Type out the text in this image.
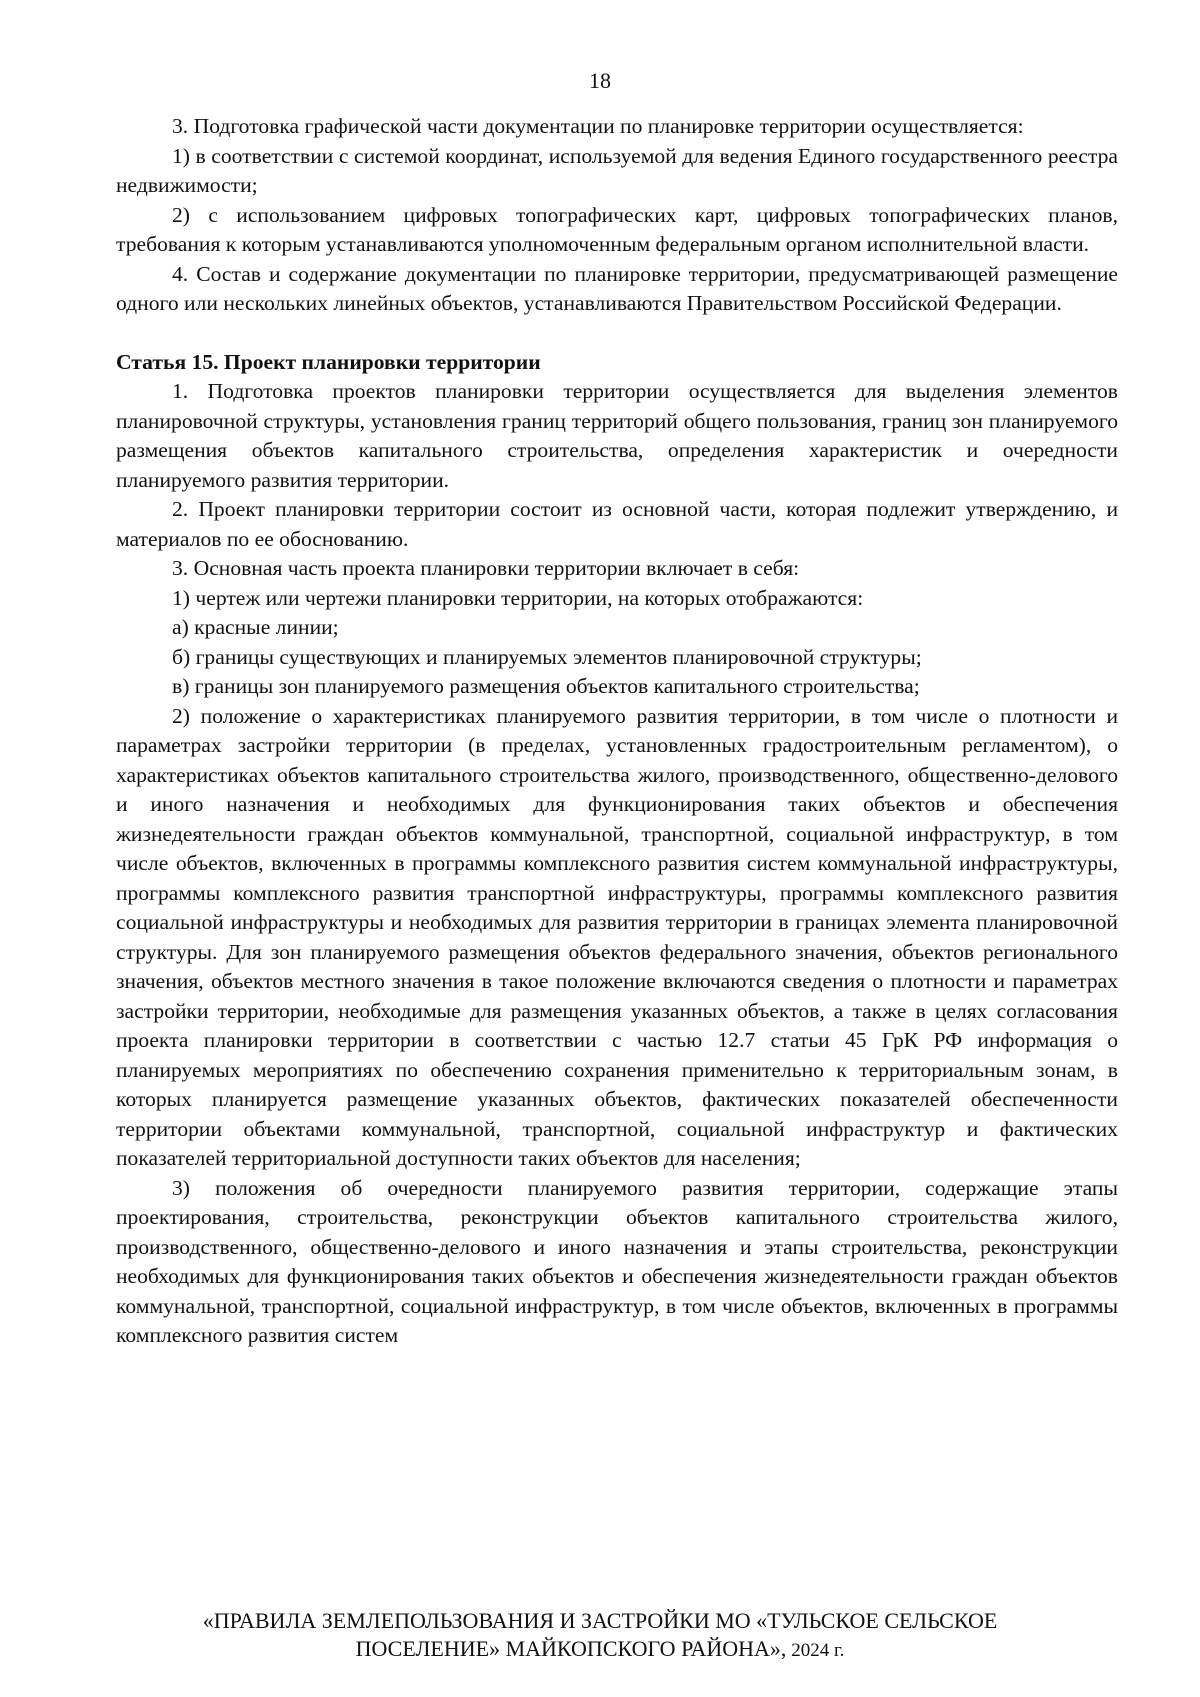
18

3. Подготовка графической части документации по планировке территории осуществляется:

1) в соответствии с системой координат, используемой для ведения Единого государственного реестра недвижимости;

2) с использованием цифровых топографических карт, цифровых топографических планов, требования к которым устанавливаются уполномоченным федеральным органом исполнительной власти.

4. Состав и содержание документации по планировке территории, предусматривающей размещение одного или нескольких линейных объектов, устанавливаются Правительством Российской Федерации.

Статья 15. Проект планировки территории

1. Подготовка проектов планировки территории осуществляется для выделения элементов планировочной структуры, установления границ территорий общего пользования, границ зон планируемого размещения объектов капитального строительства, определения характеристик и очередности планируемого развития территории.

2. Проект планировки территории состоит из основной части, которая подлежит утверждению, и материалов по ее обоснованию.

3. Основная часть проекта планировки территории включает в себя:

1) чертеж или чертежи планировки территории, на которых отображаются:

а) красные линии;

б) границы существующих и планируемых элементов планировочной структуры;

в) границы зон планируемого размещения объектов капитального строительства;

2) положение о характеристиках планируемого развития территории, в том числе о плотности и параметрах застройки территории (в пределах, установленных градостроительным регламентом), о характеристиках объектов капитального строительства жилого, производственного, общественно-делового и иного назначения и необходимых для функционирования таких объектов и обеспечения жизнедеятельности граждан объектов коммунальной, транспортной, социальной инфраструктур, в том числе объектов, включенных в программы комплексного развития систем коммунальной инфраструктуры, программы комплексного развития транспортной инфраструктуры, программы комплексного развития социальной инфраструктуры и необходимых для развития территории в границах элемента планировочной структуры. Для зон планируемого размещения объектов федерального значения, объектов регионального значения, объектов местного значения в такое положение включаются сведения о плотности и параметрах застройки территории, необходимые для размещения указанных объектов, а также в целях согласования проекта планировки территории в соответствии с частью 12.7 статьи 45 ГрК РФ информация о планируемых мероприятиях по обеспечению сохранения применительно к территориальным зонам, в которых планируется размещение указанных объектов, фактических показателей обеспеченности территории объектами коммунальной, транспортной, социальной инфраструктур и фактических показателей территориальной доступности таких объектов для населения;

3) положения об очередности планируемого развития территории, содержащие этапы проектирования, строительства, реконструкции объектов капитального строительства жилого, производственного, общественно-делового и иного назначения и этапы строительства, реконструкции необходимых для функционирования таких объектов и обеспечения жизнедеятельности граждан объектов коммунальной, транспортной, социальной инфраструктур, в том числе объектов, включенных в программы комплексного развития систем

«ПРАВИЛА ЗЕМЛЕПОЛЬЗОВАНИЯ И ЗАСТРОЙКИ МО «ТУЛЬСКОЕ СЕЛЬСКОЕ
ПОСЕЛЕНИЕ» МАЙКОПСКОГО РАЙОНА», 2024 г.
